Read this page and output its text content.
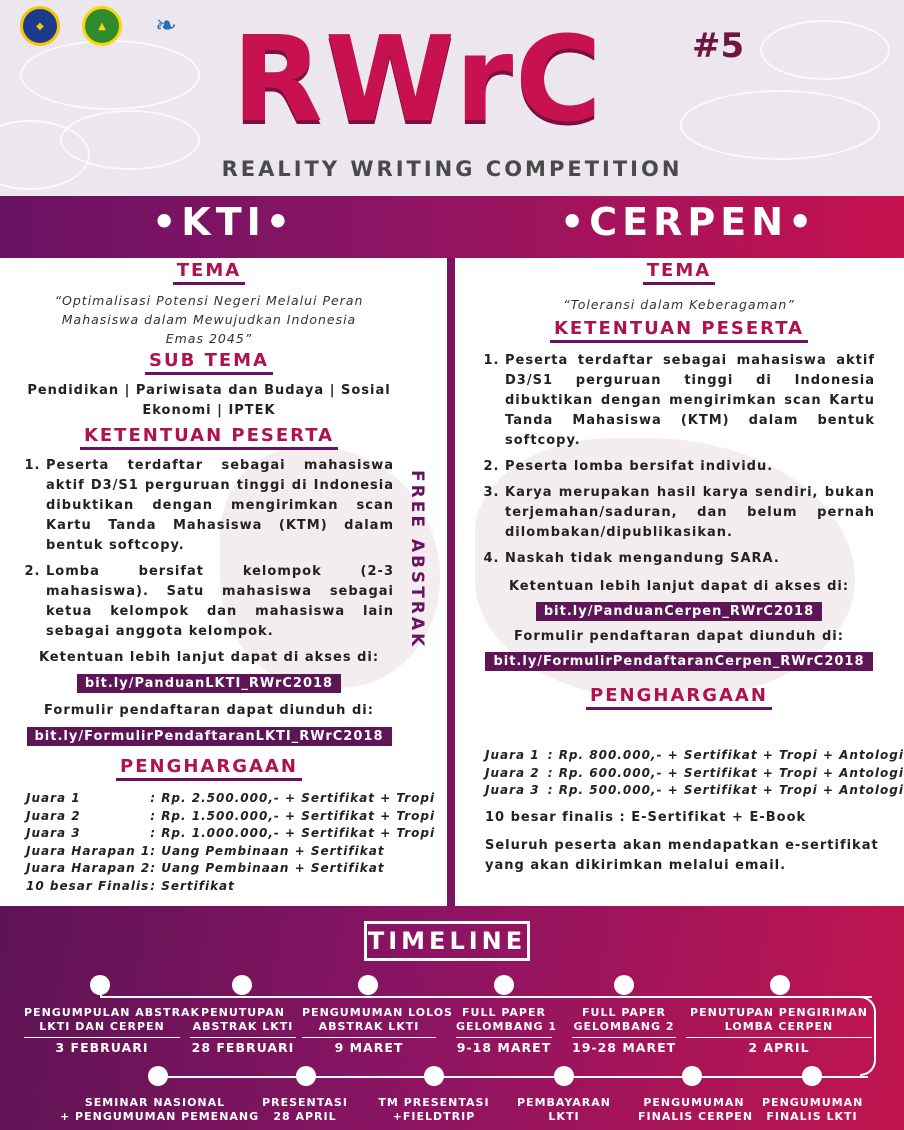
◆	▲	❧ RWrC	#5
REALITY WRITING COMPETITION
•KTI•	•CERPEN•
TEMA
“Optimalisasi Potensi Negeri Melalui Peran Mahasiswa dalam Mewujudkan Indonesia Emas 2045”
SUB TEMA
Pendidikan | Pariwisata dan Budaya | Sosial Ekonomi | IPTEK
KETENTUAN PESERTA
1. Peserta terdaftar sebagai mahasiswa aktif D3/S1 perguruan tinggi di Indonesia dibuktikan dengan mengirimkan scan Kartu Tanda Mahasiswa (KTM) dalam bentuk softcopy.
2. Lomba bersifat kelompok (2-3 mahasiswa). Satu mahasiswa sebagai ketua kelompok dan mahasiswa lain sebagai anggota kelompok.
Ketentuan lebih lanjut dapat di akses di:
bit.ly/PanduanLKTI_RWrC2018
Formulir pendaftaran dapat diunduh di:
bit.ly/FormulirPendaftaranLKTI_RWrC2018
PENGHARGAAN
Juara 1	: Rp. 2.500.000,- + Sertifikat + Tropi
Juara 2	: Rp. 1.500.000,- + Sertifikat + Tropi
Juara 3	: Rp. 1.000.000,- + Sertifikat + Tropi
Juara Harapan 1	: Uang Pembinaan + Sertifikat
Juara Harapan 2	: Uang Pembinaan + Sertifikat
10 besar Finalis	: Sertifikat
FREE ABSTRAK
TEMA
“Toleransi dalam Keberagaman”
KETENTUAN PESERTA
1. Peserta terdaftar sebagai mahasiswa aktif D3/S1 perguruan tinggi di Indonesia dibuktikan dengan mengirimkan scan Kartu Tanda Mahasiswa (KTM) dalam bentuk softcopy.
2. Peserta lomba bersifat individu.
3. Karya merupakan hasil karya sendiri, bukan terjemahan/saduran, dan belum pernah dilombakan/dipublikasikan.
4. Naskah tidak mengandung SARA.
Ketentuan lebih lanjut dapat di akses di:
bit.ly/PanduanCerpen_RWrC2018
Formulir pendaftaran dapat diunduh di:
bit.ly/FormulirPendaftaranCerpen_RWrC2018
PENGHARGAAN
Juara 1	: Rp. 800.000,- + Sertifikat + Tropi + Antologi
Juara 2	: Rp. 600.000,- + Sertifikat + Tropi + Antologi
Juara 3	: Rp. 500.000,- + Sertifikat + Tropi + Antologi
10 besar finalis : E-Sertifikat + E-Book
Seluruh peserta akan mendapatkan e-sertifikat yang akan dikirimkan melalui email.
TIMELINE
PENGUMPULAN ABSTRAK
LKTI DAN CERPEN
3 FEBRUARI
PENUTUPAN
ABSTRAK LKTI
28 FEBRUARI
PENGUMUMAN LOLOS
ABSTRAK LKTI
9 MARET
FULL PAPER
GELOMBANG
9-18 MARET
FULL PAPER
GELOMBANG 2
19-28 MARET
PENUTUPAN PENGIRIMAN
LOMBA CERPEN
2 APRIL
SEMINAR NASIONAL
+ PENGUMUMAN PEMENANG
PRESENTASI
28 APRIL
TM PRESENTASI
+FIELDTRIP
PEMBAYARAN
LKTI
PENGUMUMAN
FINALIS CERPEN
PENGUMUMAN
FINALIS LKTI
